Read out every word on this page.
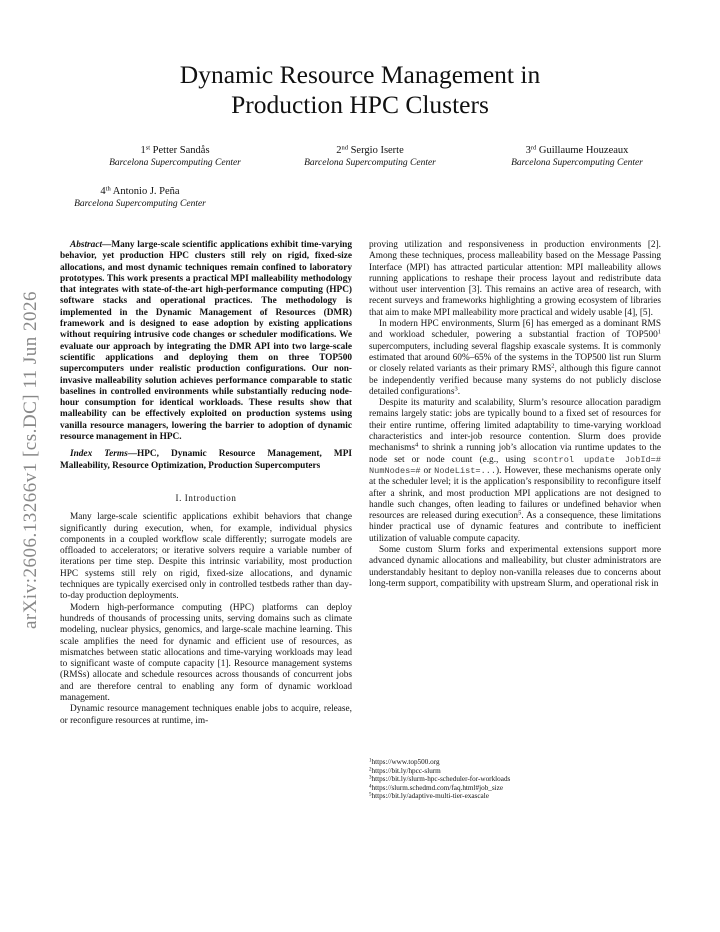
arXiv:2606.13266v1 [cs.DC] 11 Jun 2026
Dynamic Resource Management in
Production HPC Clusters
1st Petter Sandås
Barcelona Supercomputing Center
2nd Sergio Iserte
Barcelona Supercomputing Center
3rd Guillaume Houzeaux
Barcelona Supercomputing Center
4th Antonio J. Peña
Barcelona Supercomputing Center

Abstract—Many large-scale scientific applications exhibit time-varying behavior, yet production HPC clusters still rely on rigid, fixed-size allocations, and most dynamic techniques remain confined to laboratory prototypes. This work presents a practical MPI malleability methodology that integrates with state-of-the-art high-performance computing (HPC) software stacks and operational practices. The methodology is implemented in the Dynamic Management of Resources (DMR) framework and is designed to ease adoption by existing applications without requiring intrusive code changes or scheduler modifications. We evaluate our approach by integrating the DMR API into two large-scale scientific applications and deploying them on three TOP500 supercomputers under realistic production configurations. Our non-invasive malleability solution achieves performance comparable to static baselines in controlled environments while substantially reducing node-hour consumption for identical workloads. These results show that malleability can be effectively exploited on production systems using vanilla resource managers, lowering the barrier to adoption of dynamic resource management in HPC.

Index Terms—HPC, Dynamic Resource Management, MPI Malleability, Resource Optimization, Production Supercomputers

I. Introduction

Many large-scale scientific applications exhibit behaviors that change significantly during execution, when, for example, individual physics components in a coupled workflow scale differently; surrogate models are offloaded to accelerators; or iterative solvers require a variable number of iterations per time step. Despite this intrinsic variability, most production HPC systems still rely on rigid, fixed-size allocations, and dynamic techniques are typically exercised only in controlled testbeds rather than day-to-day production deployments.

Modern high-performance computing (HPC) platforms can deploy hundreds of thousands of processing units, serving domains such as climate modeling, nuclear physics, genomics, and large-scale machine learning. This scale amplifies the need for dynamic and efficient use of resources, as mismatches between static allocations and time-varying workloads may lead to significant waste of compute capacity [1]. Resource management systems (RMSs) allocate and schedule resources across thousands of concurrent jobs and are therefore central to enabling any form of dynamic workload management.

Dynamic resource management techniques enable jobs to acquire, release, or reconfigure resources at runtime, im-

proving utilization and responsiveness in production environments [2]. Among these techniques, process malleability based on the Message Passing Interface (MPI) has attracted particular attention: MPI malleability allows running applications to reshape their process layout and redistribute data without user intervention [3]. This remains an active area of research, with recent surveys and frameworks highlighting a growing ecosystem of libraries that aim to make MPI malleability more practical and widely usable [4], [5].

In modern HPC environments, Slurm [6] has emerged as a dominant RMS and workload scheduler, powering a substantial fraction of $TOP500^1$ supercomputers, including several flagship exascale systems. It is commonly estimated that around 60%–65% of the systems in the TOP500 list run Slurm or closely related variants as their primary RMS$^2$, although this figure cannot be independently verified because many systems do not publicly disclose detailed configurations$^3$.

Despite its maturity and scalability, Slurm’s resource allocation paradigm remains largely static: jobs are typically bound to a fixed set of resources for their entire runtime, offering limited adaptability to time-varying workload characteristics and inter-job resource contention. Slurm does provide mechanisms$^4$ to shrink a running job’s allocation via runtime updates to the node set or node count (e.g., using scontrol update JobId=# NumNodes=# or NodeList=...). However, these mechanisms operate only at the scheduler level; it is the application’s responsibility to reconfigure itself after a shrink, and most production MPI applications are not designed to handle such changes, often leading to failures or undefined behavior when resources are released during execution$^5$. As a consequence, these limitations hinder practical use of dynamic features and contribute to inefficient utilization of valuable compute capacity.

Some custom Slurm forks and experimental extensions support more advanced dynamic allocations and malleability, but cluster administrators are understandably hesitant to deploy non-vanilla releases due to concerns about long-term support, compatibility with upstream Slurm, and operational risk in

$^1$https://www.top500.org
$^2$https://bit.ly/hpcc-slurm
$^3$https://bit.ly/slurm-hpc-scheduler-for-workloads
$^4$https://slurm.schedmd.com/faq.html#job_size
$^5$https://bit.ly/adaptive-multi-tier-exascale
